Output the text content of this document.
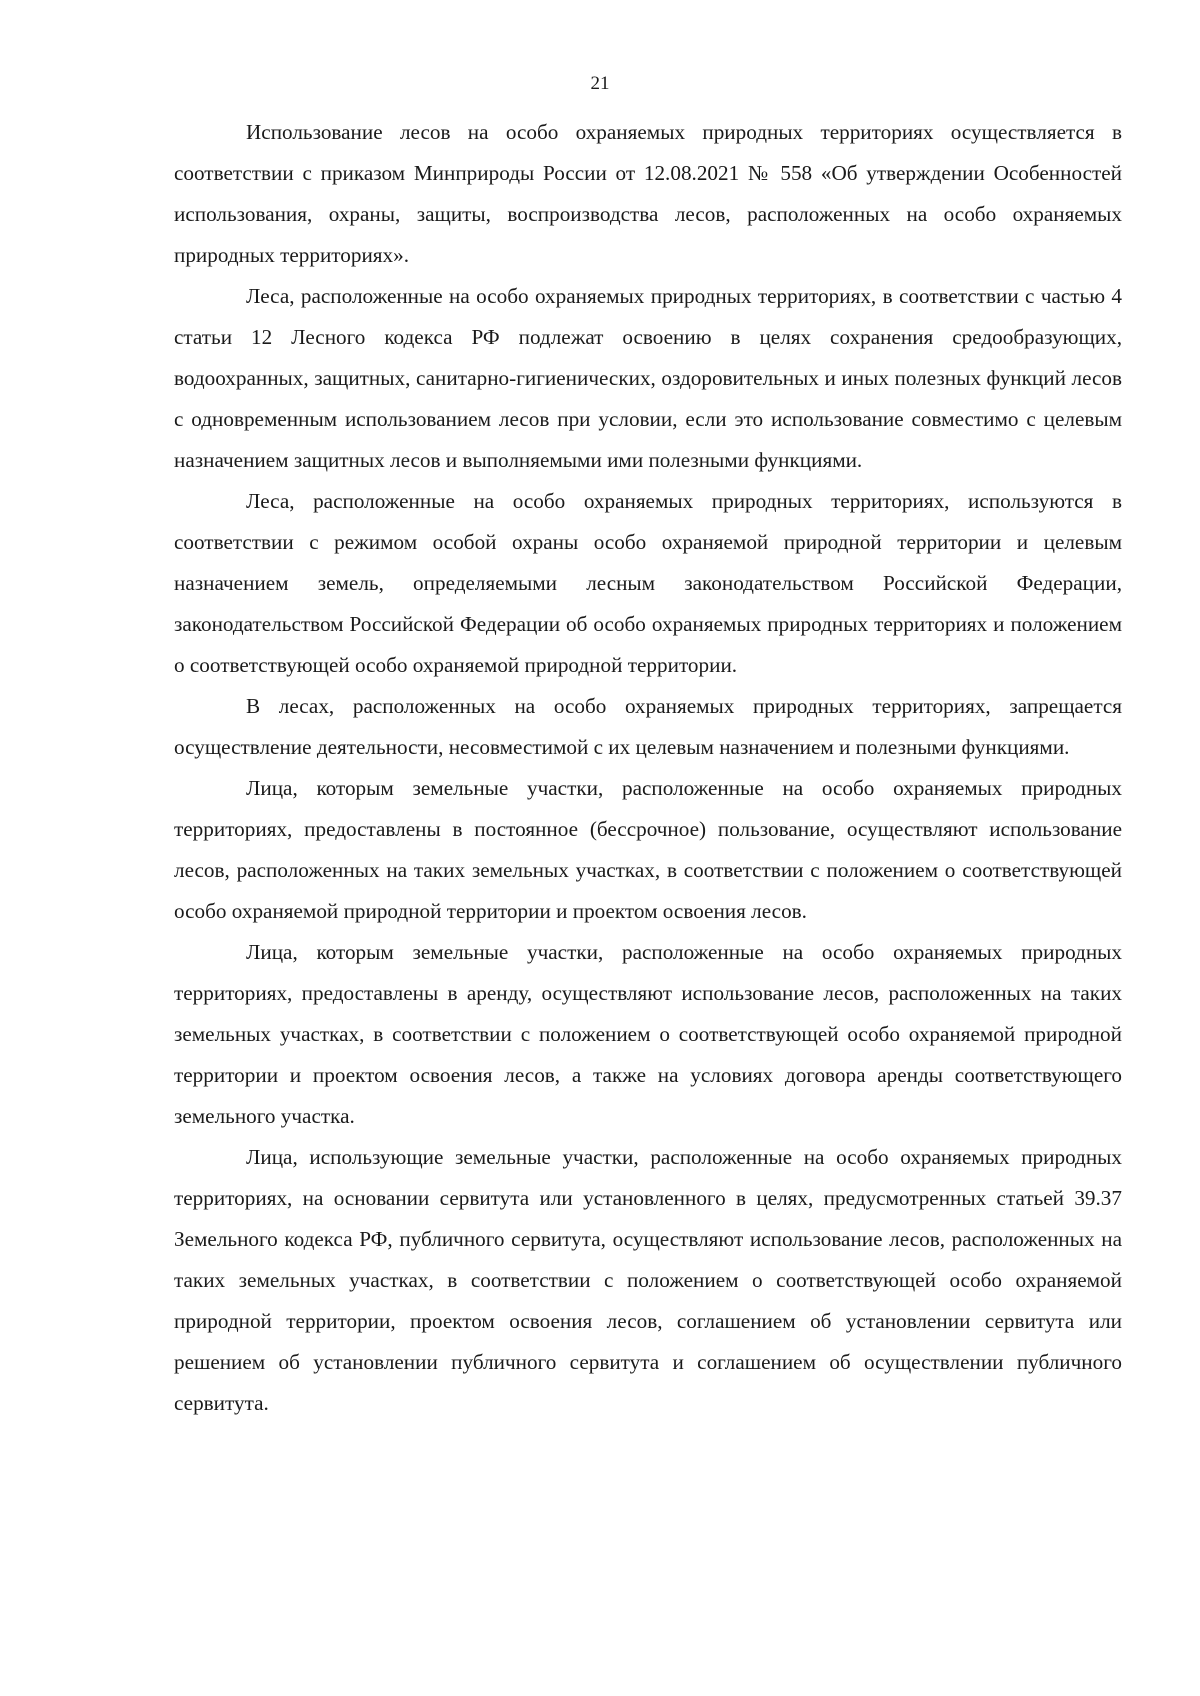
21

Использование лесов на особо охраняемых природных территориях осуществляется в соответствии с приказом Минприроды России от 12.08.2021 № 558 «Об утверждении Особенностей использования, охраны, защиты, воспроизводства лесов, расположенных на особо охраняемых природных территориях».

Леса, расположенные на особо охраняемых природных территориях, в соответствии с частью 4 статьи 12 Лесного кодекса РФ подлежат освоению в целях сохранения средообразующих, водоохранных, защитных, санитарно-гигиенических, оздоровительных и иных полезных функций лесов с одновременным использованием лесов при условии, если это использование совместимо с целевым назначением защитных лесов и выполняемыми ими полезными функциями.

Леса, расположенные на особо охраняемых природных территориях, используются в соответствии с режимом особой охраны особо охраняемой природной территории и целевым назначением земель, определяемыми лесным законодательством Российской Федерации, законодательством Российской Федерации об особо охраняемых природных территориях и положением о соответствующей особо охраняемой природной территории.

В лесах, расположенных на особо охраняемых природных территориях, запрещается осуществление деятельности, несовместимой с их целевым назначением и полезными функциями.

Лица, которым земельные участки, расположенные на особо охраняемых природных территориях, предоставлены в постоянное (бессрочное) пользование, осуществляют использование лесов, расположенных на таких земельных участках, в соответствии с положением о соответствующей особо охраняемой природной территории и проектом освоения лесов.

Лица, которым земельные участки, расположенные на особо охраняемых природных территориях, предоставлены в аренду, осуществляют использование лесов, расположенных на таких земельных участках, в соответствии с положением о соответствующей особо охраняемой природной территории и проектом освоения лесов, а также на условиях договора аренды соответствующего земельного участка.

Лица, использующие земельные участки, расположенные на особо охраняемых природных территориях, на основании сервитута или установленного в целях, предусмотренных статьей 39.37 Земельного кодекса РФ, публичного сервитута, осуществляют использование лесов, расположенных на таких земельных участках, в соответствии с положением о соответствующей особо охраняемой природной территории, проектом освоения лесов, соглашением об установлении сервитута или решением об установлении публичного сервитута и соглашением об осуществлении публичного сервитута.
